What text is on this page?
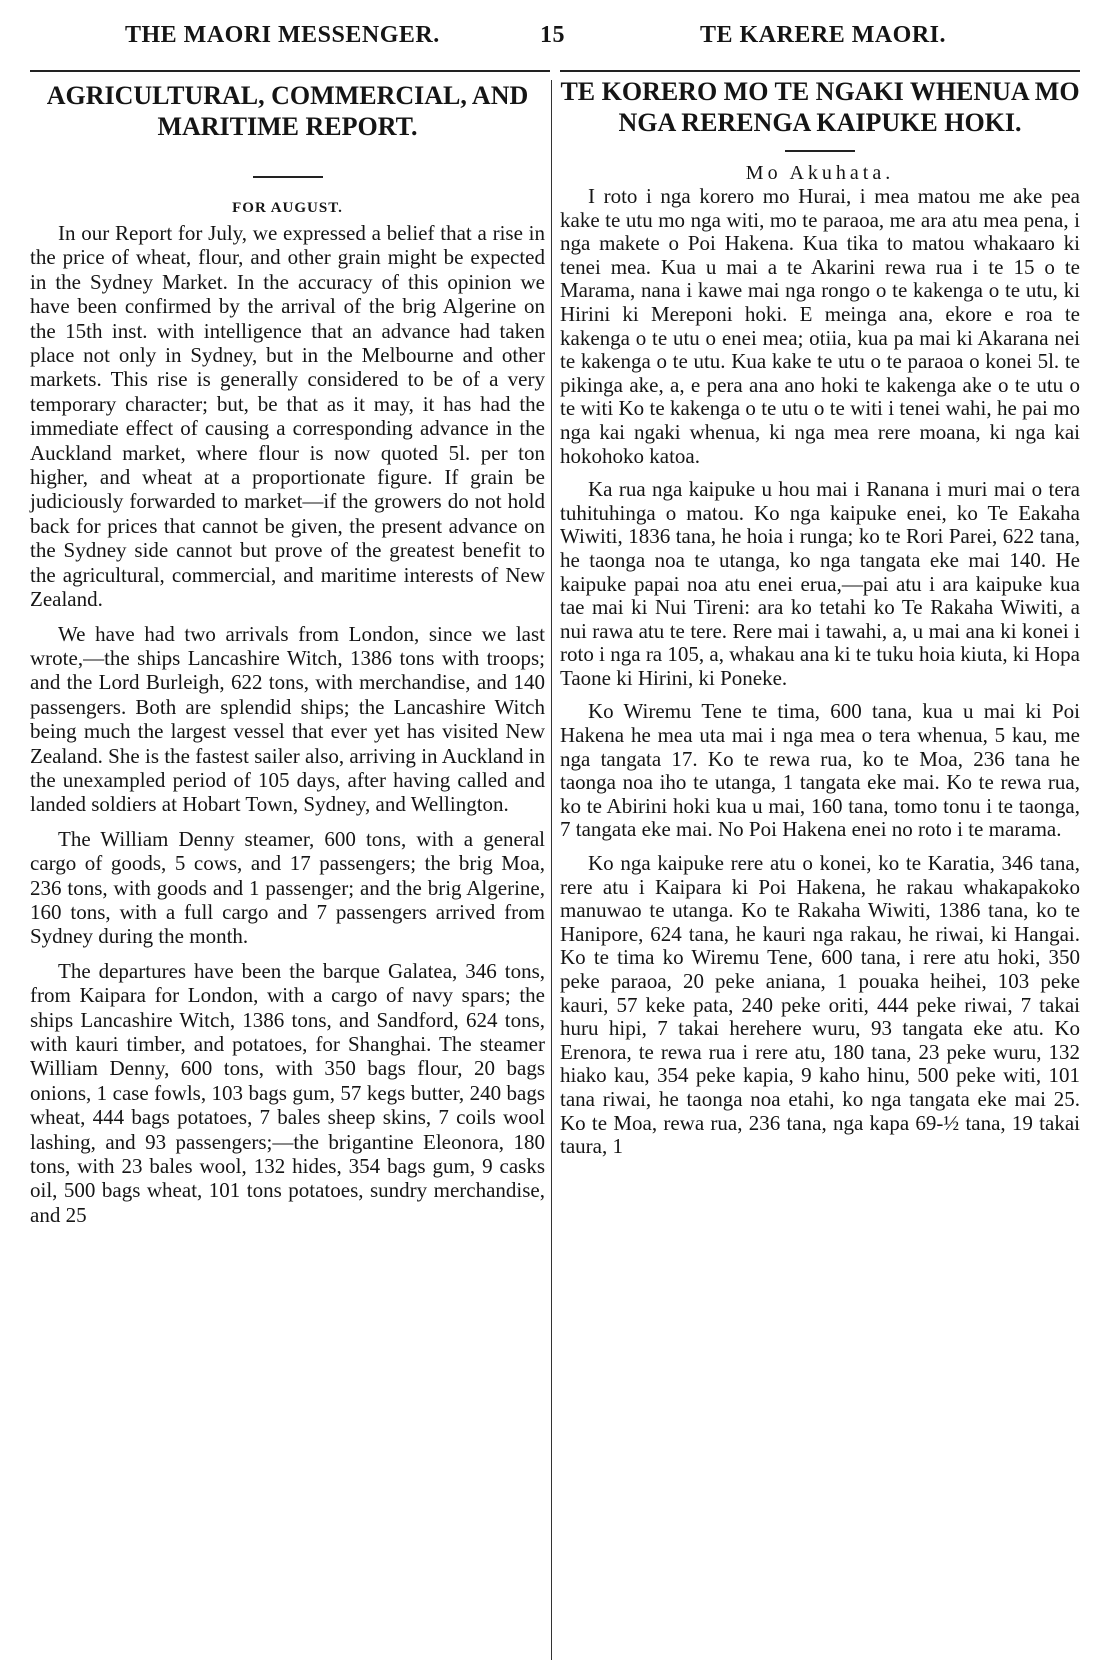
THE MAORI MESSENGER.	15	TE KARERE MAORI.
AGRICULTURAL, COMMERCIAL, AND MARITIME REPORT.
FOR AUGUST.

In our Report for July, we expressed a belief that a rise in the price of wheat, flour, and other grain might be expected in the Sydney Market. In the accuracy of this opinion we have been confirmed by the arrival of the brig Algerine on the 15th inst. with intelligence that an advance had taken place not only in Sydney, but in the Melbourne and other markets. This rise is generally considered to be of a very temporary character; but, be that as it may, it has had the immediate effect of causing a corresponding advance in the Auckland market, where flour is now quoted 5l. per ton higher, and wheat at a proportionate figure. If grain be judiciously forwarded to market—if the growers do not hold back for prices that cannot be given, the present advance on the Sydney side cannot but prove of the greatest benefit to the agricultural, commercial, and maritime interests of New Zealand.

We have had two arrivals from London, since we last wrote,—the ships Lancashire Witch, 1386 tons with troops; and the Lord Burleigh, 622 tons, with merchandise, and 140 passengers. Both are splendid ships; the Lancashire Witch being much the largest vessel that ever yet has visited New Zealand. She is the fastest sailer also, arriving in Auckland in the unexampled period of 105 days, after having called and landed soldiers at Hobart Town, Sydney, and Wellington.

The William Denny steamer, 600 tons, with a general cargo of goods, 5 cows, and 17 passengers; the brig Moa, 236 tons, with goods and 1 passenger; and the brig Algerine, 160 tons, with a full cargo and 7 passengers arrived from Sydney during the month.

The departures have been the barque Galatea, 346 tons, from Kaipara for London, with a cargo of navy spars; the ships Lancashire Witch, 1386 tons, and Sandford, 624 tons, with kauri timber, and potatoes, for Shanghai. The steamer William Denny, 600 tons, with 350 bags flour, 20 bags onions, 1 case fowls, 103 bags gum, 57 kegs butter, 240 bags wheat, 444 bags potatoes, 7 bales sheep skins, 7 coils wool lashing, and 93 passengers;—the brigantine Eleonora, 180 tons, with 23 bales wool, 132 hides, 354 bags gum, 9 casks oil, 500 bags wheat, 101 tons potatoes, sundry merchandise, and 25

TE KORERO MO TE NGAKI WHENUA MO NGA RERENGA KAIPUKE HOKI.
Mo Akuhata.

I roto i nga korero mo Hurai, i mea matou me ake pea kake te utu mo nga witi, mo te paraoa, me ara atu mea pena, i nga makete o Poi Hakena. Kua tika to matou whakaaro ki tenei mea. Kua u mai a te Akarini rewa rua i te 15 o te Marama, nana i kawe mai nga rongo o te kakenga o te utu, ki Hirini ki Mereponi hoki. E meinga ana, ekore e roa te kakenga o te utu o enei mea; otiia, kua pa mai ki Akarana nei te kakenga o te utu. Kua kake te utu o te paraoa o konei 5l. te pikinga ake, a, e pera ana ano hoki te kakenga ake o te utu o te witi Ko te kakenga o te utu o te witi i tenei wahi, he pai mo nga kai ngaki whenua, ki nga mea rere moana, ki nga kai hokohoko katoa.

Ka rua nga kaipuke u hou mai i Ranana i muri mai o tera tuhituhinga o matou. Ko nga kaipuke enei, ko Te Eakaha Wiwiti, 1836 tana, he hoia i runga; ko te Rori Parei, 622 tana, he taonga noa te utanga, ko nga tangata eke mai 140. He kaipuke papai noa atu enei erua,—pai atu i ara kaipuke kua tae mai ki Nui Tireni: ara ko tetahi ko Te Rakaha Wiwiti, a nui rawa atu te tere. Rere mai i tawahi, a, u mai ana ki konei i roto i nga ra 105, a, whakau ana ki te tuku hoia kiuta, ki Hopa Taone ki Hirini, ki Poneke.

Ko Wiremu Tene te tima, 600 tana, kua u mai ki Poi Hakena he mea uta mai i nga mea o tera whenua, 5 kau, me nga tangata 17. Ko te rewa rua, ko te Moa, 236 tana he taonga noa iho te utanga, 1 tangata eke mai. Ko te rewa rua, ko te Abirini hoki kua u mai, 160 tana, tomo tonu i te taonga, 7 tangata eke mai. No Poi Hakena enei no roto i te marama.

Ko nga kaipuke rere atu o konei, ko te Karatia, 346 tana, rere atu i Kaipara ki Poi Hakena, he rakau whakapakoko manuwao te utanga. Ko te Rakaha Wiwiti, 1386 tana, ko te Hanipore, 624 tana, he kauri nga rakau, he riwai, ki Hangai. Ko te tima ko Wiremu Tene, 600 tana, i rere atu hoki, 350 peke paraoa, 20 peke aniana, 1 pouaka heihei, 103 peke kauri, 57 keke pata, 240 peke oriti, 444 peke riwai, 7 takai huru hipi, 7 takai herehere wuru, 93 tangata eke atu. Ko Erenora, te rewa rua i rere atu, 180 tana, 23 peke wuru, 132 hiako kau, 354 peke kapia, 9 kaho hinu, 500 peke witi, 101 tana riwai, he taonga noa etahi, ko nga tangata eke mai 25. Ko te Moa, rewa rua, 236 tana, nga kapa 69-½ tana, 19 takai taura, 1
